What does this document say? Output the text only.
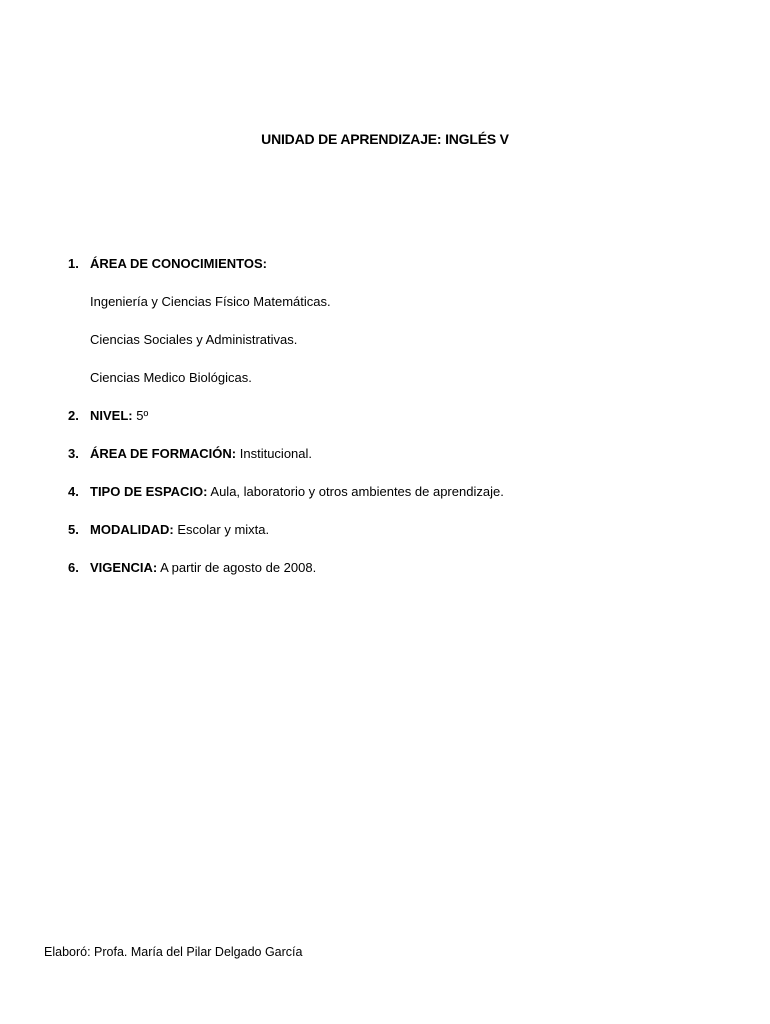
UNIDAD DE APRENDIZAJE: INGLÉS V
1. ÁREA DE CONOCIMIENTOS:
Ingeniería y Ciencias Físico Matemáticas.
Ciencias Sociales y Administrativas.
Ciencias Medico Biológicas.
2. NIVEL: 5º
3. ÁREA DE FORMACIÓN: Institucional.
4. TIPO DE ESPACIO: Aula, laboratorio y otros ambientes de aprendizaje.
5. MODALIDAD: Escolar y mixta.
6. VIGENCIA: A partir de agosto de 2008.
Elaboró: Profa. María del Pilar Delgado García
